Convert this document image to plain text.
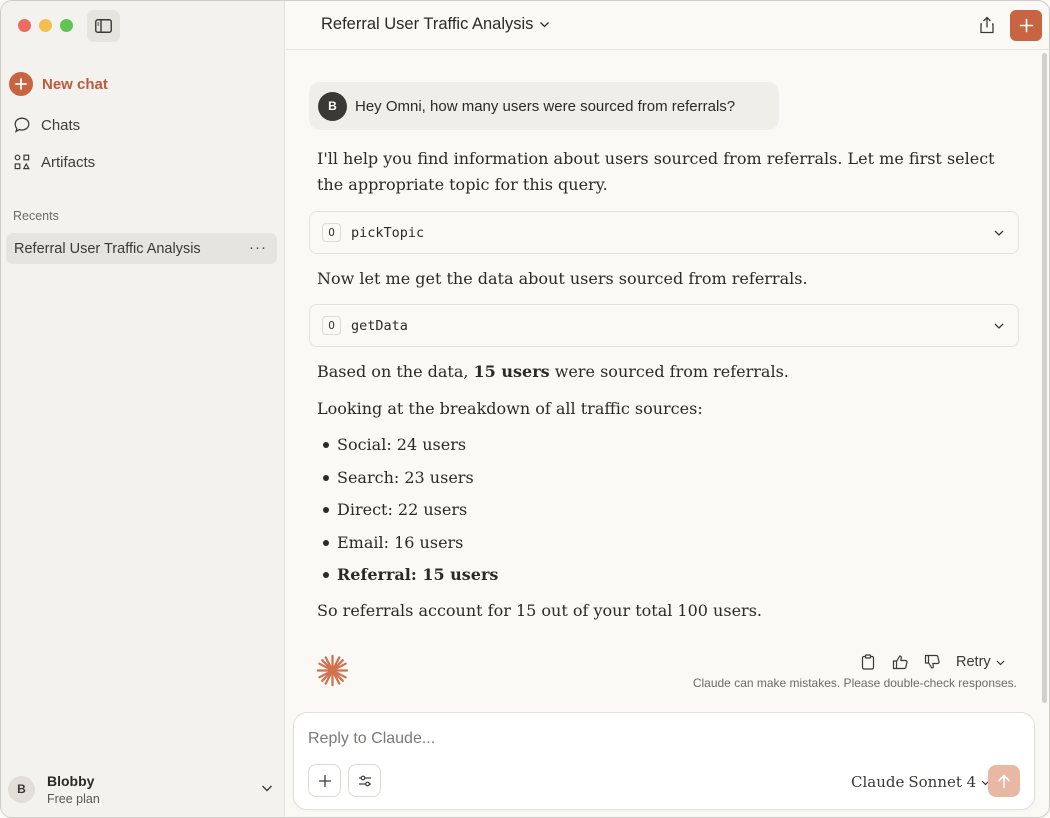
New chat
Chats
Artifacts
Recents
Referral User Traffic Analysis	···
B
Blobby
Free plan
Referral User Traffic Analysis
B	Hey Omni, how many users were sourced from referrals?
I'll help you find information about users sourced from referrals. Let me first select the appropriate topic for this query.
O	pickTopic
Now let me get the data about users sourced from referrals.
O	getData
Based on the data, 15 users were sourced from referrals.
Looking at the breakdown of all traffic sources:
Social: 24 users
Search: 23 users
Direct: 22 users
Email: 16 users
Referral: 15 users
So referrals account for 15 out of your total 100 users.
Retry
Claude can make mistakes. Please double-check responses.
Reply to Claude...
Claude Sonnet 4
